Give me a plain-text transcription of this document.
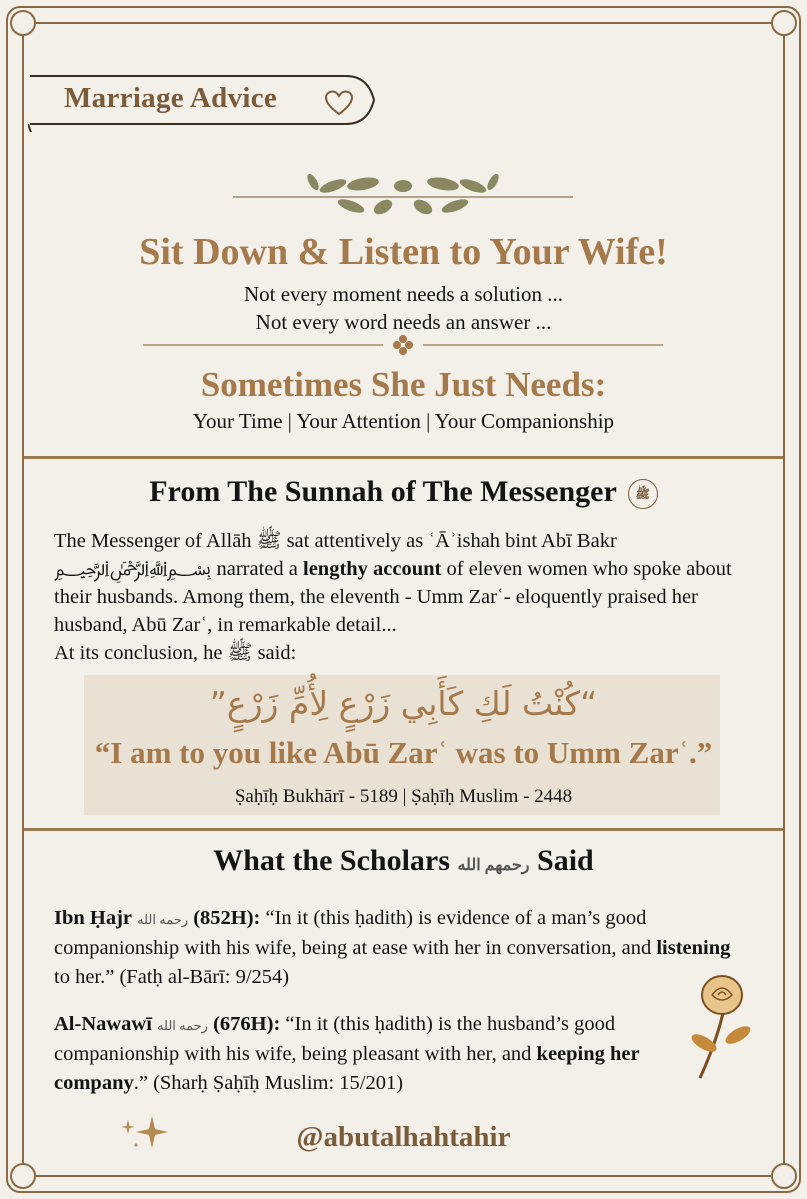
Marriage Advice
Sit Down & Listen to Your Wife!
Not every moment needs a solution ...
Not every word needs an answer ...
Sometimes She Just Needs:
Your Time | Your Attention | Your Companionship
From The Sunnah of The Messenger ﷺ
The Messenger of Allāh ﷺ sat attentively as ʿĀʾishah bint Abī Bakr ﷽ narrated a lengthy account of eleven women who spoke about their husbands. Among them, the eleventh - Umm Zarʿ- eloquently praised her husband, Abū Zarʿ, in remarkable detail...
At its conclusion, he ﷺ said:
“كُنْتُ لَكِ كَأَبِي زَرْعٍ لِأُمِّ زَرْعٍ”
“I am to you like Abū Zarʿ was to Umm Zarʿ.”
Ṣaḥīḥ Bukhārī - 5189 | Ṣaḥīḥ Muslim - 2448
What the Scholars رحمهم الله Said
Ibn Ḥajr رحمه الله (852H): “In it (this ḥadith) is evidence of a man’s good companionship with his wife, being at ease with her in conversation, and listening to her.” (Fatḥ al-Bārī: 9/254)
Al-Nawawī رحمه الله (676H): “In it (this ḥadith) is the husband’s good companionship with his wife, being pleasant with her, and keeping her company.” (Sharḥ Ṣaḥīḥ Muslim: 15/201)
@abutalhahtahir
